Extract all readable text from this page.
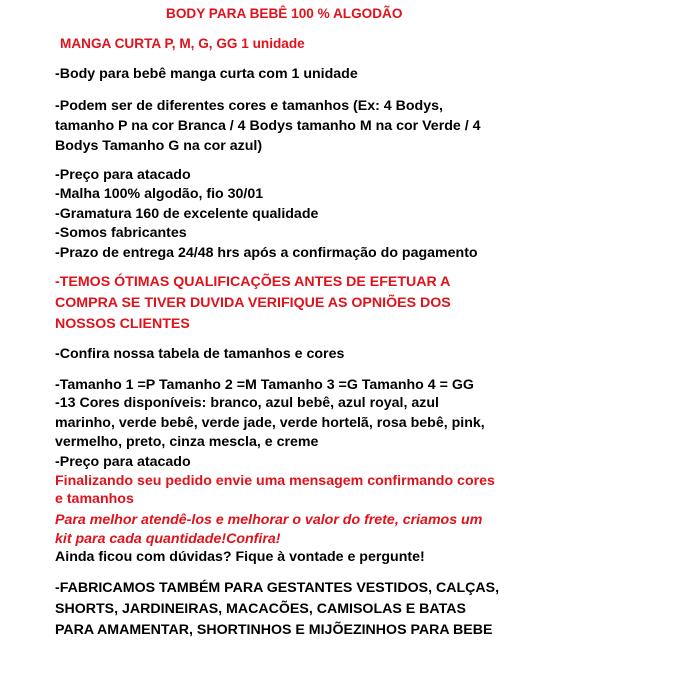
BODY PARA BEBÊ 100 % ALGODÃO
MANGA CURTA P, M, G, GG 1 unidade

-Body para bebê manga curta com 1 unidade

-Podem ser de diferentes cores e tamanhos (Ex: 4 Bodys,

tamanho P na cor Branca / 4 Bodys tamanho M na cor Verde / 4

Bodys Tamanho G na cor azul)

-Preço para atacado

-Malha 100% algodão, fio 30/01

-Gramatura 160 de excelente qualidade

-Somos fabricantes

-Prazo de entrega 24/48 hrs após a confirmação do pagamento

-TEMOS ÓTIMAS QUALIFICAÇÕES ANTES DE EFETUAR A

COMPRA SE TIVER DUVIDA VERIFIQUE AS OPNIÕES DOS

NOSSOS CLIENTES

-Confira nossa tabela de tamanhos e cores

-Tamanho 1 =P Tamanho 2 =M Tamanho 3 =G Tamanho 4 = GG

-13 Cores disponíveis: branco, azul bebê, azul royal, azul

marinho, verde bebê, verde jade, verde hortelã, rosa bebê, pink,

vermelho, preto, cinza mescla, e creme

-Preço para atacado

Finalizando seu pedido envie uma mensagem confirmando cores

e tamanhos

Para melhor atendê-los e melhorar o valor do frete, criamos um

kit para cada quantidade!Confira!

Ainda ficou com dúvidas? Fique à vontade e pergunte!

-FABRICAMOS TAMBÉM PARA GESTANTES VESTIDOS, CALÇAS,

SHORTS, JARDINEIRAS, MACACÕES, CAMISOLAS E BATAS

PARA AMAMENTAR, SHORTINHOS E MIJÕEZINHOS PARA BEBE
